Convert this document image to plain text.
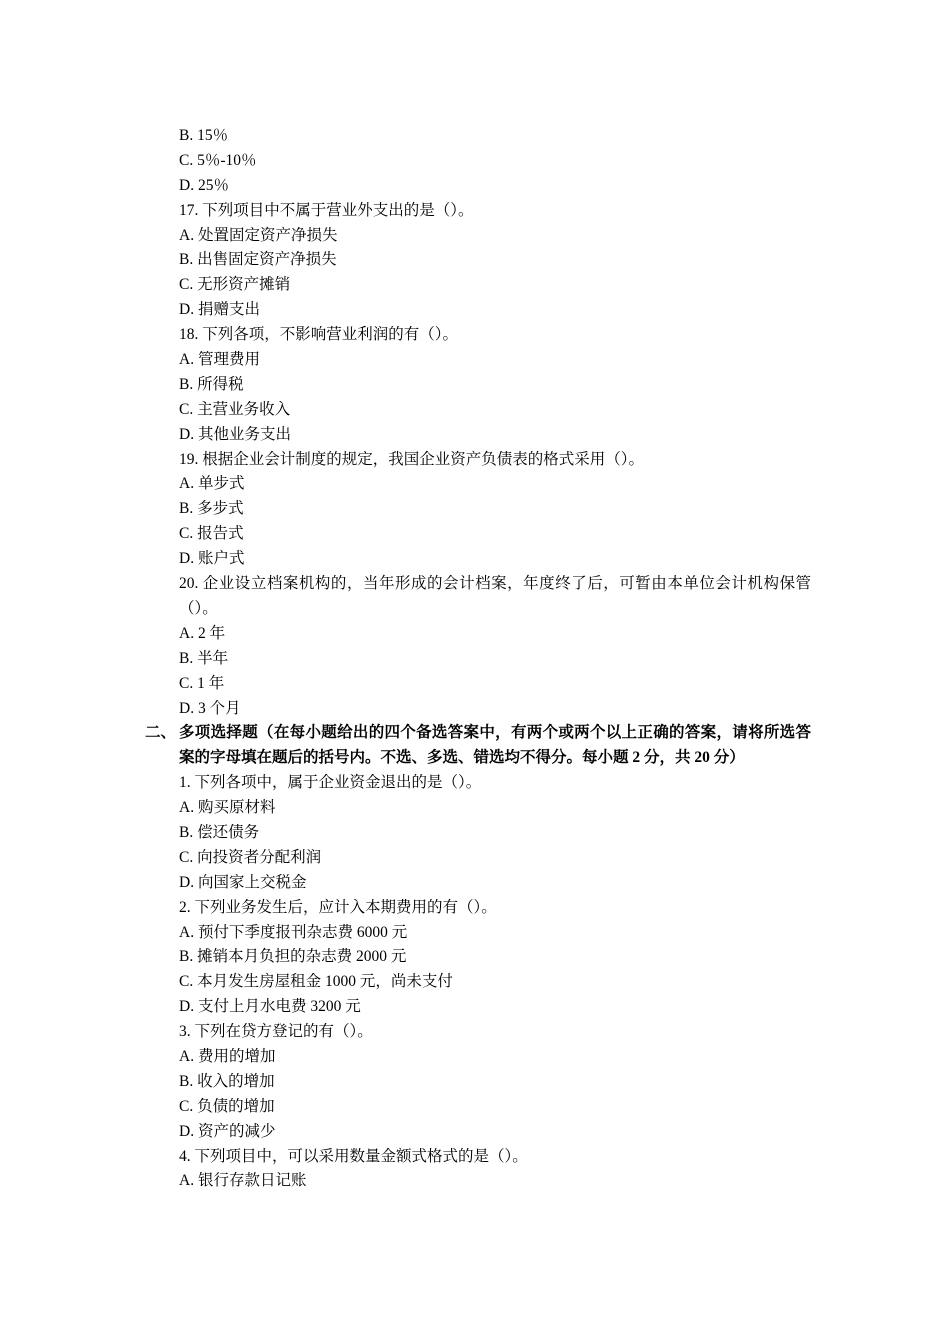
B. 15％
C. 5％-10％
D. 25％
17. 下列项目中不属于营业外支出的是（）。
A. 处置固定资产净损失
B. 出售固定资产净损失
C. 无形资产摊销
D. 捐赠支出
18. 下列各项，不影响营业利润的有（）。
A. 管理费用
B. 所得税
C. 主营业务收入
D. 其他业务支出
19. 根据企业会计制度的规定，我国企业资产负债表的格式采用（）。
A. 单步式
B. 多步式
C. 报告式
D. 账户式
20. 企业设立档案机构的，当年形成的会计档案，年度终了后，可暂由本单位会计机构保管（）。
A. 2 年
B. 半年
C. 1 年
D. 3 个月
二、 多项选择题（在每小题给出的四个备选答案中，有两个或两个以上正确的答案，请将所选答案的字母填在题后的括号内。不选、多选、错选均不得分。每小题 2 分，共 20 分）
1. 下列各项中，属于企业资金退出的是（）。
A. 购买原材料
B. 偿还债务
C. 向投资者分配利润
D. 向国家上交税金
2. 下列业务发生后，应计入本期费用的有（）。
A. 预付下季度报刊杂志费 6000 元
B. 摊销本月负担的杂志费 2000 元
C. 本月发生房屋租金 1000 元，尚未支付
D. 支付上月水电费 3200 元
3. 下列在贷方登记的有（）。
A. 费用的增加
B. 收入的增加
C. 负债的增加
D. 资产的减少
4. 下列项目中，可以采用数量金额式格式的是（）。
A. 银行存款日记账
